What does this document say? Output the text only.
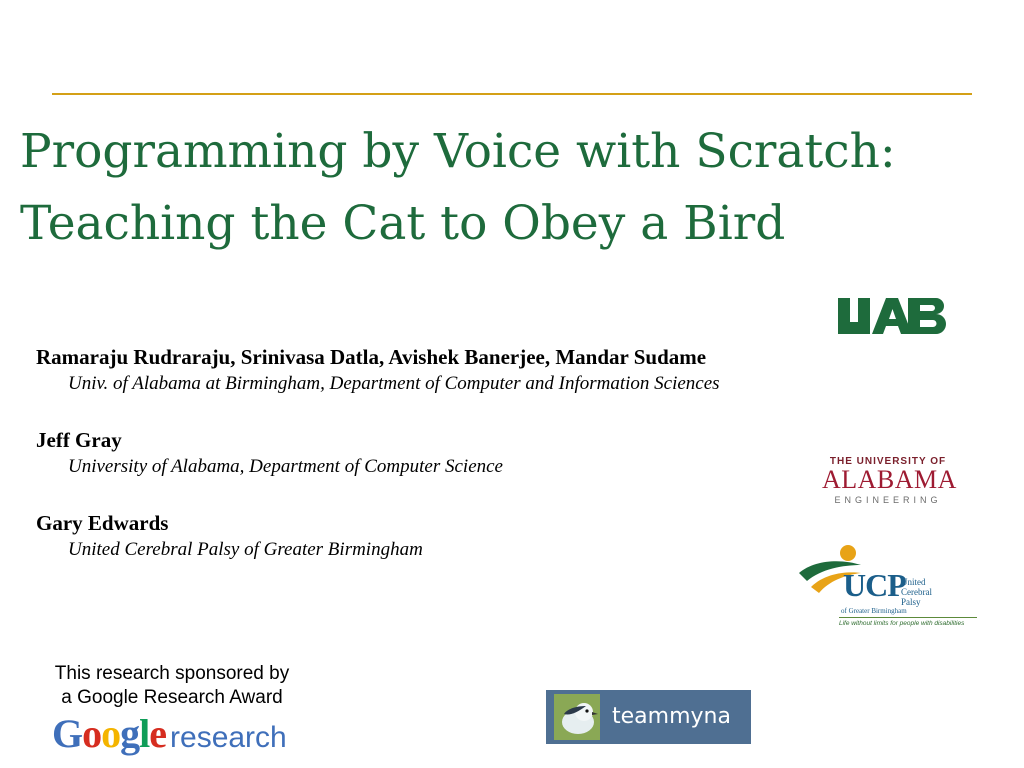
Programming by Voice with Scratch:
Teaching the Cat to Obey a Bird
UAB
Ramaraju Rudraraju, Srinivasa Datla, Avishek Banerjee, Mandar Sudame
Univ. of Alabama at Birmingham, Department of Computer and Information Sciences
Jeff Gray
University of Alabama, Department of Computer Science
Gary Edwards
United Cerebral Palsy of Greater Birmingham
THE UNIVERSITY OF
ALABAMA
ENGINEERING
UCP
United
Cerebral
Palsy
of Greater Birmingham
Life without limits for people with disabilities
This research sponsored by
a Google Research Award
Google research
teammyna
